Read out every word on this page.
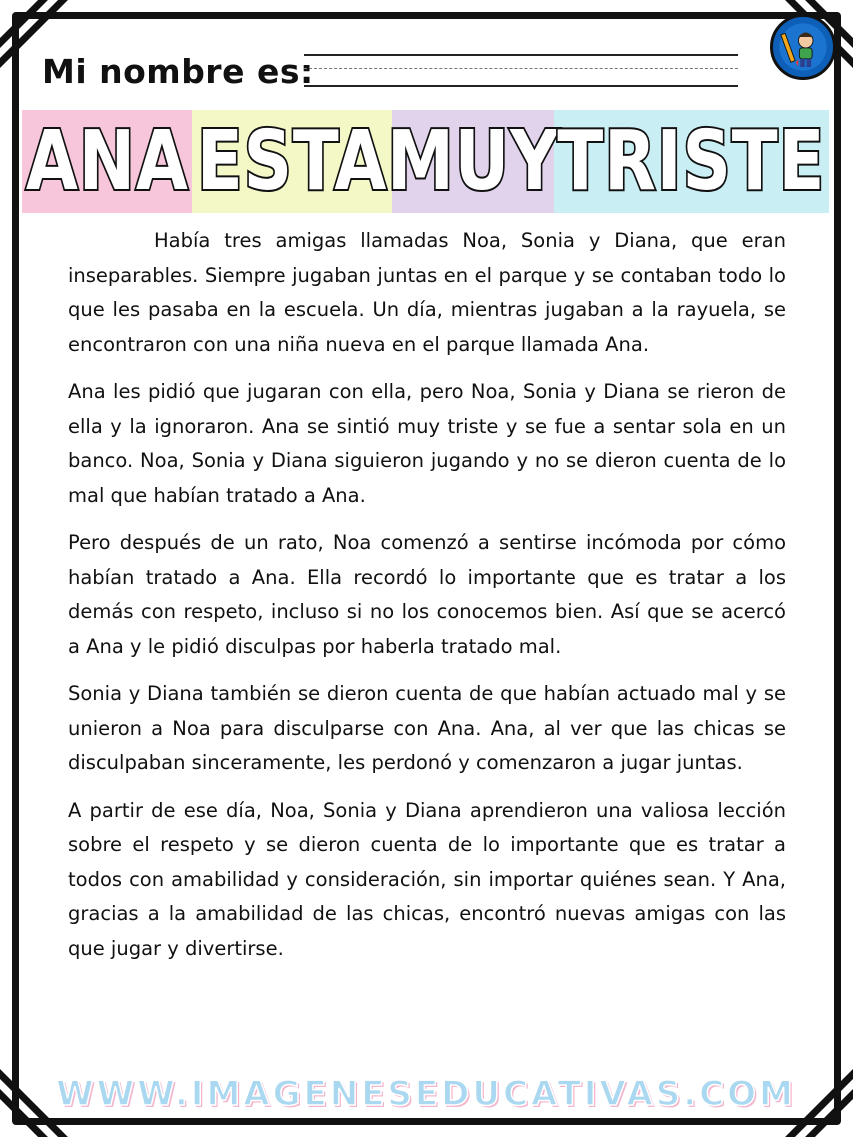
Mi nombre es:
ANA ESTA MUY
TRISTE

Había tres amigas llamadas Noa, Sonia y Diana, que eran inseparables. Siempre jugaban juntas en el parque y se contaban todo lo que les pasaba en la escuela. Un día, mientras jugaban a la rayuela, se encontraron con una niña nueva en el parque llamada Ana.

Ana les pidió que jugaran con ella, pero Noa, Sonia y Diana se rieron de ella y la ignoraron. Ana se sintió muy triste y se fue a sentar sola en un banco. Noa, Sonia y Diana siguieron jugando y no se dieron cuenta de lo mal que habían tratado a Ana.

Pero después de un rato, Noa comenzó a sentirse incómoda por cómo habían tratado a Ana. Ella recordó lo importante que es tratar a los demás con respeto, incluso si no los conocemos bien. Así que se acercó a Ana y le pidió disculpas por haberla tratado mal.

Sonia y Diana también se dieron cuenta de que habían actuado mal y se unieron a Noa para disculparse con Ana. Ana, al ver que las chicas se disculpaban sinceramente, les perdonó y comenzaron a jugar juntas.

A partir de ese día, Noa, Sonia y Diana aprendieron una valiosa lección sobre el respeto y se dieron cuenta de lo importante que es tratar a todos con amabilidad y consideración, sin importar quiénes sean. Y Ana, gracias a la amabilidad de las chicas, encontró nuevas amigas con las que jugar y divertirse.

WWW.IMAGENESEDUCATIVAS.COM
